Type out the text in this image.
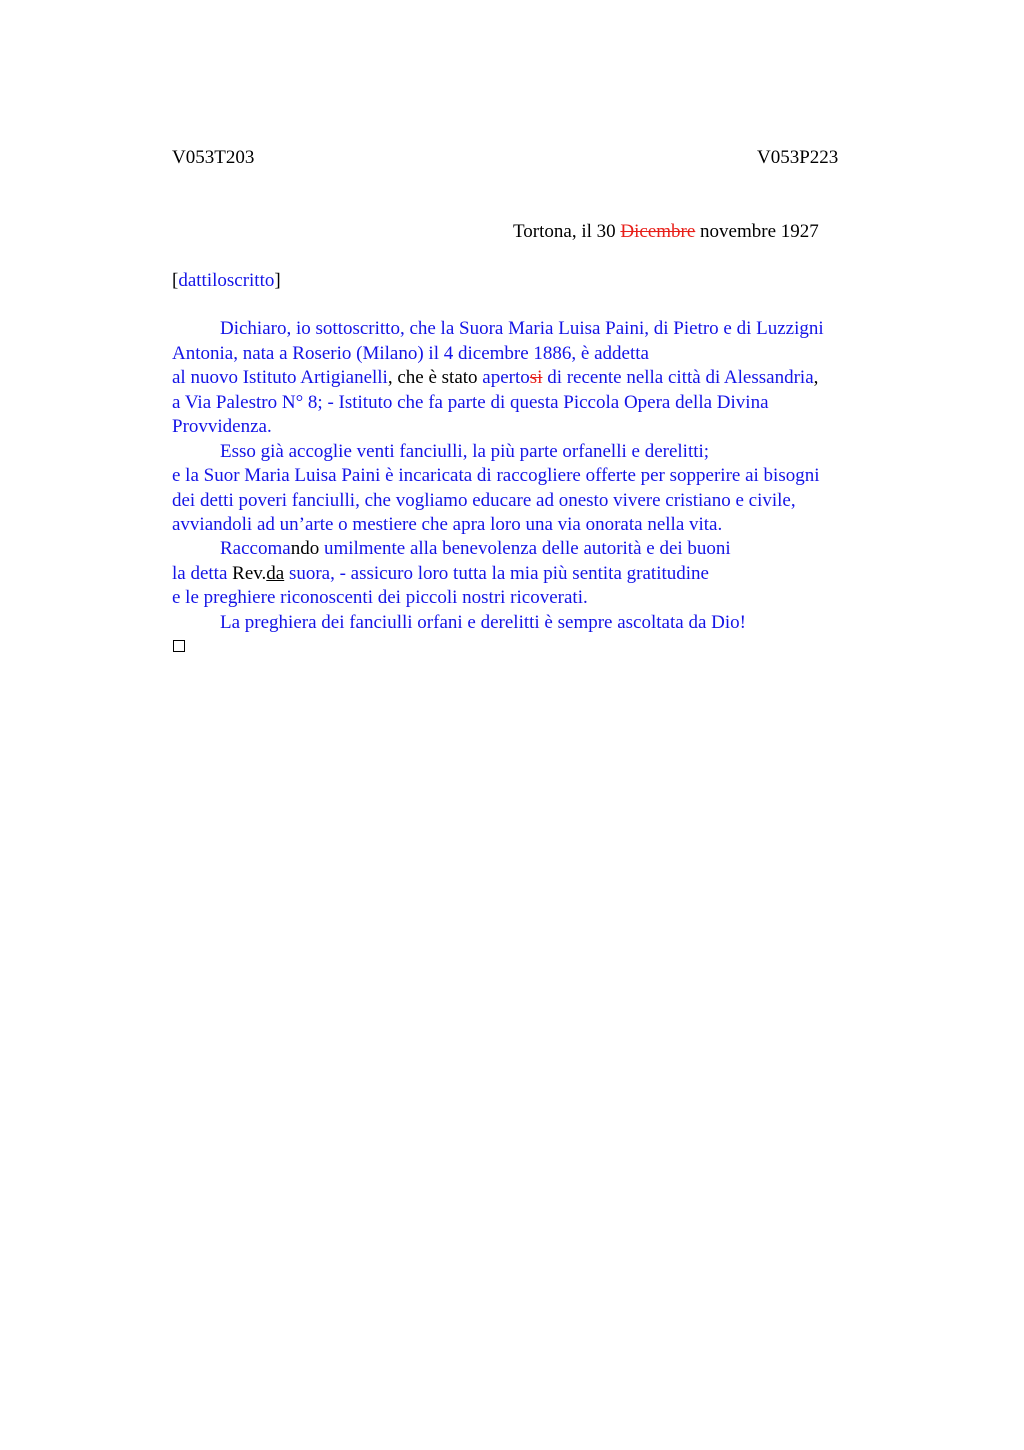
V053T203	V053P223
Tortona, il 30 Dicembre novembre 1927
[dattiloscritto]
Dichiaro, io sottoscritto, che la Suora Maria Luisa Paini, di Pietro e di Luzzigni
Antonia, nata a Roserio (Milano) il 4 dicembre 1886, è addetta
al nuovo Istituto Artigianelli, che è stato apertosi di recente nella città di Alessandria,
a Via Palestro N° 8; - Istituto che fa parte di questa Piccola Opera della Divina
Provvidenza.
Esso già accoglie venti fanciulli, la più parte orfanelli e derelitti;
e la Suor Maria Luisa Paini è incaricata di raccogliere offerte per sopperire ai bisogni
dei detti poveri fanciulli, che vogliamo educare ad onesto vivere cristiano e civile,
avviandoli ad un’arte o mestiere che apra loro una via onorata nella vita.
Raccomando umilmente alla benevolenza delle autorità e dei buoni
la detta Rev.da suora, - assicuro loro tutta la mia più sentita gratitudine
e le preghiere riconoscenti dei piccoli nostri ricoverati.
La preghiera dei fanciulli orfani e derelitti è sempre ascoltata da Dio!
